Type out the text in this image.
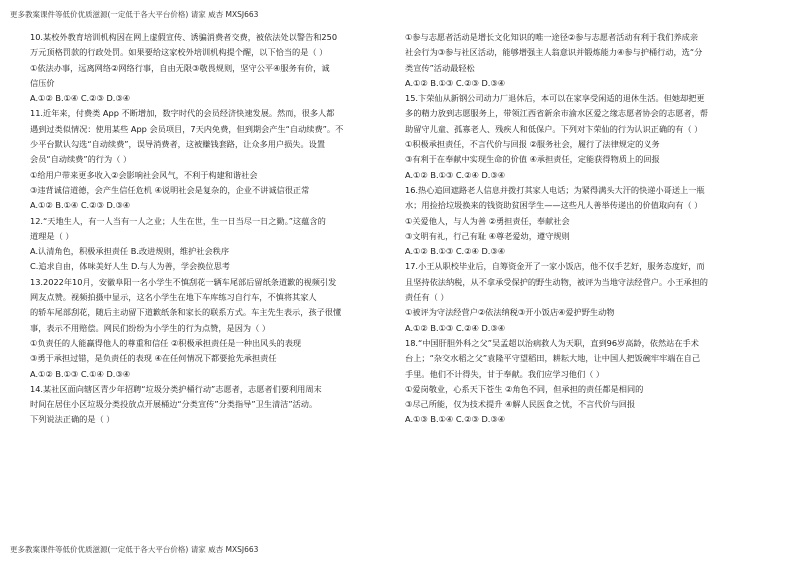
更多教案课件等低价优质滋源(一定低于各大平台价格) 请家 威杏 MXSJ663
10.某校外教育培训机构因在网上虚假宣传、诱骗消费者交费，被依法处以警告和250
万元顶格罚款的行政处罚。如果要给这家校外培训机构提个醒，以下恰当的是（ ）
①依法办事，远离网络②网络行事，自由无限③敬畏规则，坚守公平④服务有价，诚
信压价
A.①② B.①④ C.②③ D.③④
11.近年来，付费类 App 不断增加，数字时代的会员经济快速发展。然而，很多人都
遇到过类似情况：使用某些 App 会员项目，7天内免费，但到期会产生“自动续费”。不
少平台默认勾选“自动续费”，误导消费者，这被赚钱套路，让众多用户损失。设置
会员“自动续费”的行为（ ）
①给用户带来更多收入②会影响社会风气，不利于构建和谐社会
③违背诚信道德，会产生信任危机 ④说明社会是复杂的，企业不讲诚信很正常
A.①② B.①④ C.②③ D.③④
12.“天地生人，有一人当有一人之业；人生在世，生一日当尽一日之勤。”这蕴含的
道理是（ ）
A.认清角色，积极承担责任 B.改进规则，维护社会秩序
C.追求自由，体味美好人生 D.与人为善，学会换位思考
13.2022年10月，安徽阜阳一名小学生不慎刮花一辆车尾部后留纸条道歉的视频引发
网友点赞。视频拍摄中显示，这名小学生在地下车库练习自行车，不慎将其家人
的轿车尾部刮花，随后主动留下道歉纸条和家长的联系方式。车主先生表示，孩子很懂
事，表示不用赔偿。网民们纷纷为小学生的行为点赞，是因为（ ）
①负责任的人能赢得他人的尊重和信任 ②积极承担责任是一种出风头的表现
③勇于承担过错，是负责任的表现 ④在任何情况下都要抢先承担责任
A.①② B.①③ C.①④ D.③④
14.某社区面向辖区青少年招聘“垃圾分类护桶行动”志愿者，志愿者们要利用周末
时间在居住小区垃圾分类投放点开展桶边“分类宣传”分类指导”卫生清洁”活动。
下列说法正确的是（ ）
①参与志愿者活动是增长文化知识的唯一途径②参与志愿者活动有利于我们养成亲
社会行为③参与社区活动，能够增强主人翁意识并锻炼能力④参与护桶行动，选“分
类宣传”活动最轻松
A.①② B.①③ C.②③ D.③④
15.卞荣仙从新钢公司动力厂退休后，本可以在家享受闲适的退休生活。但她却把更
多的精力放到志愿服务上，带领江西省新余市渝水区爱之缘志愿者协会的志愿者，帮
助留守儿童、孤寡老人、残疾人和低保户。下列对卞荣仙的行为认识正确的有（ ）
①积极承担责任，不言代价与回报 ②服务社会，履行了法律规定的义务
③有利于在奉献中实现生命的价值 ④承担责任，定能获得物质上的回报
A.①② B.①③ C.②④ D.③④
16.热心追回遮路老人信息并拨打其家人电话；为紧得满头大汗的快递小哥送上一瓶
水；用捡拾垃圾换来的钱资助贫困学生——这些凡人善举传递出的价值取向有（ ）
①关爱他人，与人为善 ②勇担责任，奉献社会
③文明有礼，行己有耻 ④尊老爱幼，遵守规则
A.①② B.①③ C.②④ D.③④
17.小王从职校毕业后，自筹资金开了一家小饭店，他不仅手艺好，服务态度好，而
且坚持依法纳税，从不拿承受保护的野生动物，被评为当地守法经营户。小王承担的
责任有（ ）
①被评为守法经营户②依法纳税③开小饭店④爱护野生动物
A.①② B.①③ C.②④ D.③④
18.“中国肝胆外科之父”吴孟超以治病救人为天职，直到96岁高龄，依然站在手术
台上；“杂交水稻之父”袁隆平守望稻田，耕耘大地，让中国人把饭碗牢牢端在自己
手里。他们不计得失，甘于奉献。我们应学习他们（ ）
①爱岗敬业，心系天下苍生 ②角色不同，但承担的责任都是相同的
③尽己所能，仅为技术提升 ④解人民医食之忧，不言代价与回报
A.①③ B.①④ C.②③ D.③④
更多教案课件等低价优质滋源(一定低于各大平台价格) 请家 威杏 MXSJ663
